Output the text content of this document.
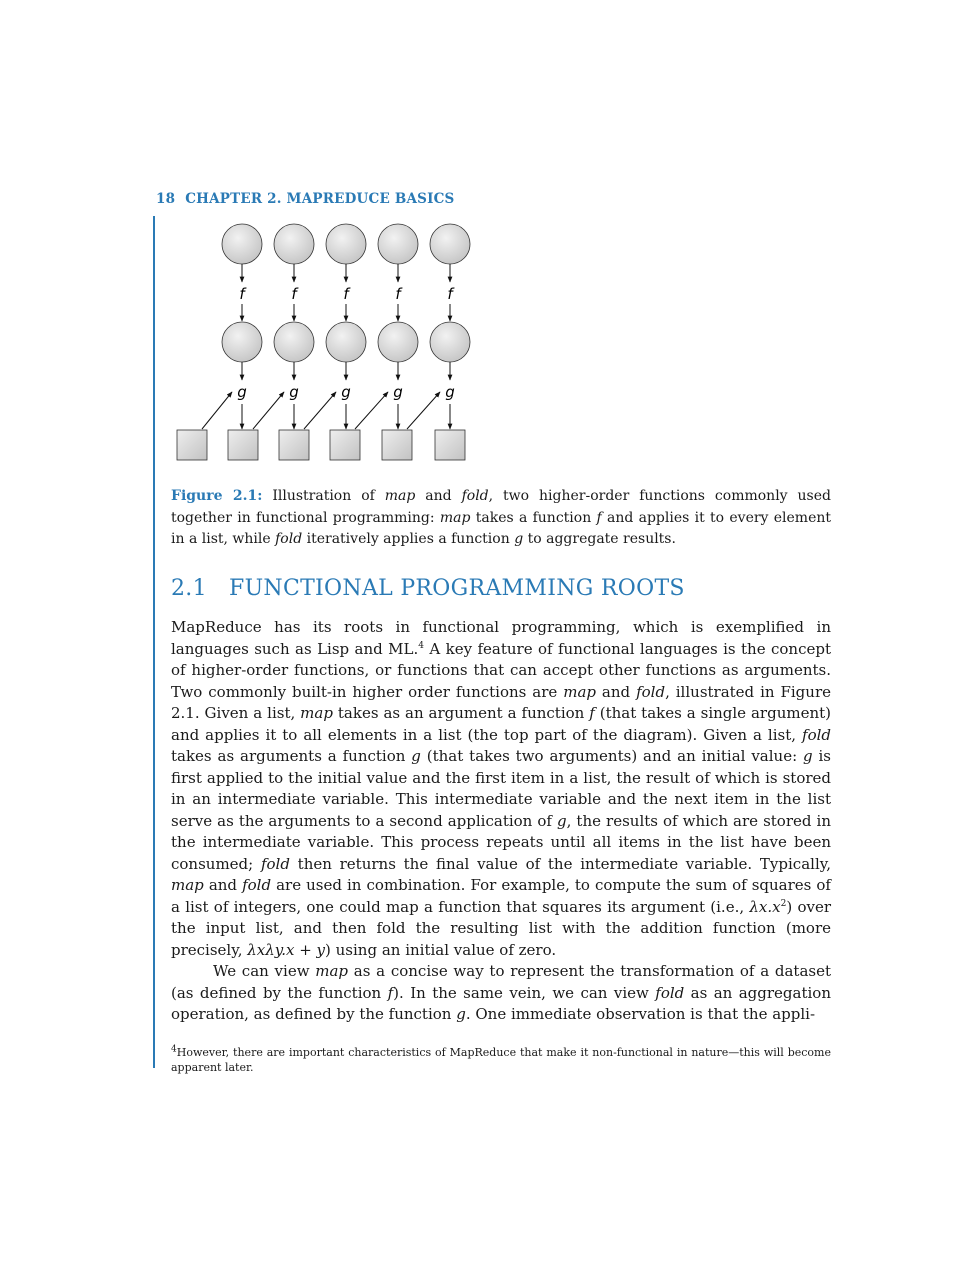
18 CHAPTER 2. MAPREDUCE BASICS
f	f	f	f	f
g	g	g	g	g
Figure 2.1: Illustration of map and fold, two higher-order functions commonly used together in functional programming: map takes a function f and applies it to every element in a list, while fold iteratively applies a function g to aggregate results.
2.1 FUNCTIONAL PROGRAMMING ROOTS

MapReduce has its roots in functional programming, which is exemplified in languages such as Lisp and ML.$^4$ A key feature of functional languages is the concept of higher-order functions, or functions that can accept other functions as arguments. Two commonly built-in higher order functions are map and fold, illustrated in Figure 2.1. Given a list, map takes as an argument a function f (that takes a single argument) and applies it to all elements in a list (the top part of the diagram). Given a list, fold takes as arguments a function g (that takes two arguments) and an initial value: g is first applied to the initial value and the first item in a list, the result of which is stored in an intermediate variable. This intermediate variable and the next item in the list serve as the arguments to a second application of g, the results of which are stored in the intermediate variable. This process repeats until all items in the list have been consumed; fold then returns the final value of the intermediate variable. Typically, map and fold are used in combination. For example, to compute the sum of squares of a list of integers, one could map a function that squares its argument (i.e., $\lambda x.x^2$) over the input list, and then fold the resulting list with the addition function (more precisely, λxλy.x + y) using an initial value of zero.

We can view map as a concise way to represent the transformation of a dataset (as defined by the function f). In the same vein, we can view fold as an aggregation operation, as defined by the function g. One immediate observation is that the appli-

$^4$However, there are important characteristics of MapReduce that make it non-functional in nature—this will become apparent later.
